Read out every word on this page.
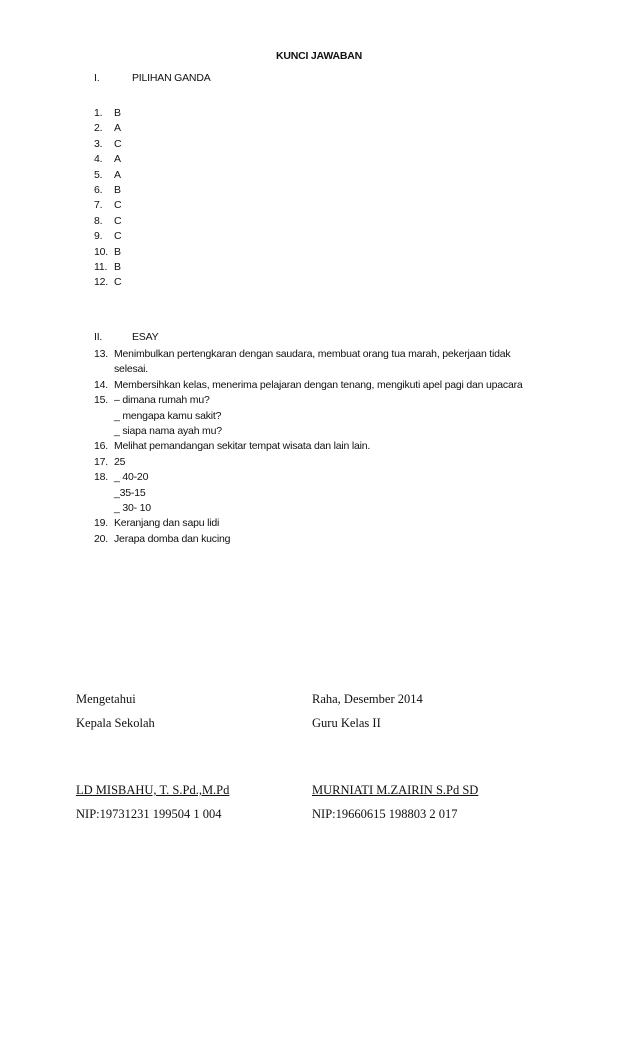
KUNCI JAWABAN
I.	PILIHAN GANDA
1.	B
2.	A
3.	C
4.	A
5.	A
6.	B
7.	C
8.	C
9.	C
10. B
11. B
12. C
II.	ESAY
13. Menimbulkan pertengkaran dengan saudara, membuat orang tua marah, pekerjaan tidak
selesai.
14. Membersihkan kelas, menerima pelajaran dengan tenang, mengikuti apel pagi dan upacara
15. – dimana rumah mu?
_ mengapa kamu sakit?
_ siapa nama ayah mu?
16. Melihat pemandangan sekitar tempat wisata dan lain lain.
17. 25
18. _ 40-20
_35-15
_ 30- 10
19. Keranjang dan sapu lidi
20. Jerapa domba dan kucing
Mengetahui
Kepala Sekolah
LD MISBAHU, T. S.Pd.,M.Pd
NIP:19731231 199504 1 004
Raha, Desember 2014
Guru Kelas II
MURNIATI M.ZAIRIN S.Pd SD
NIP:19660615 198803 2 017
